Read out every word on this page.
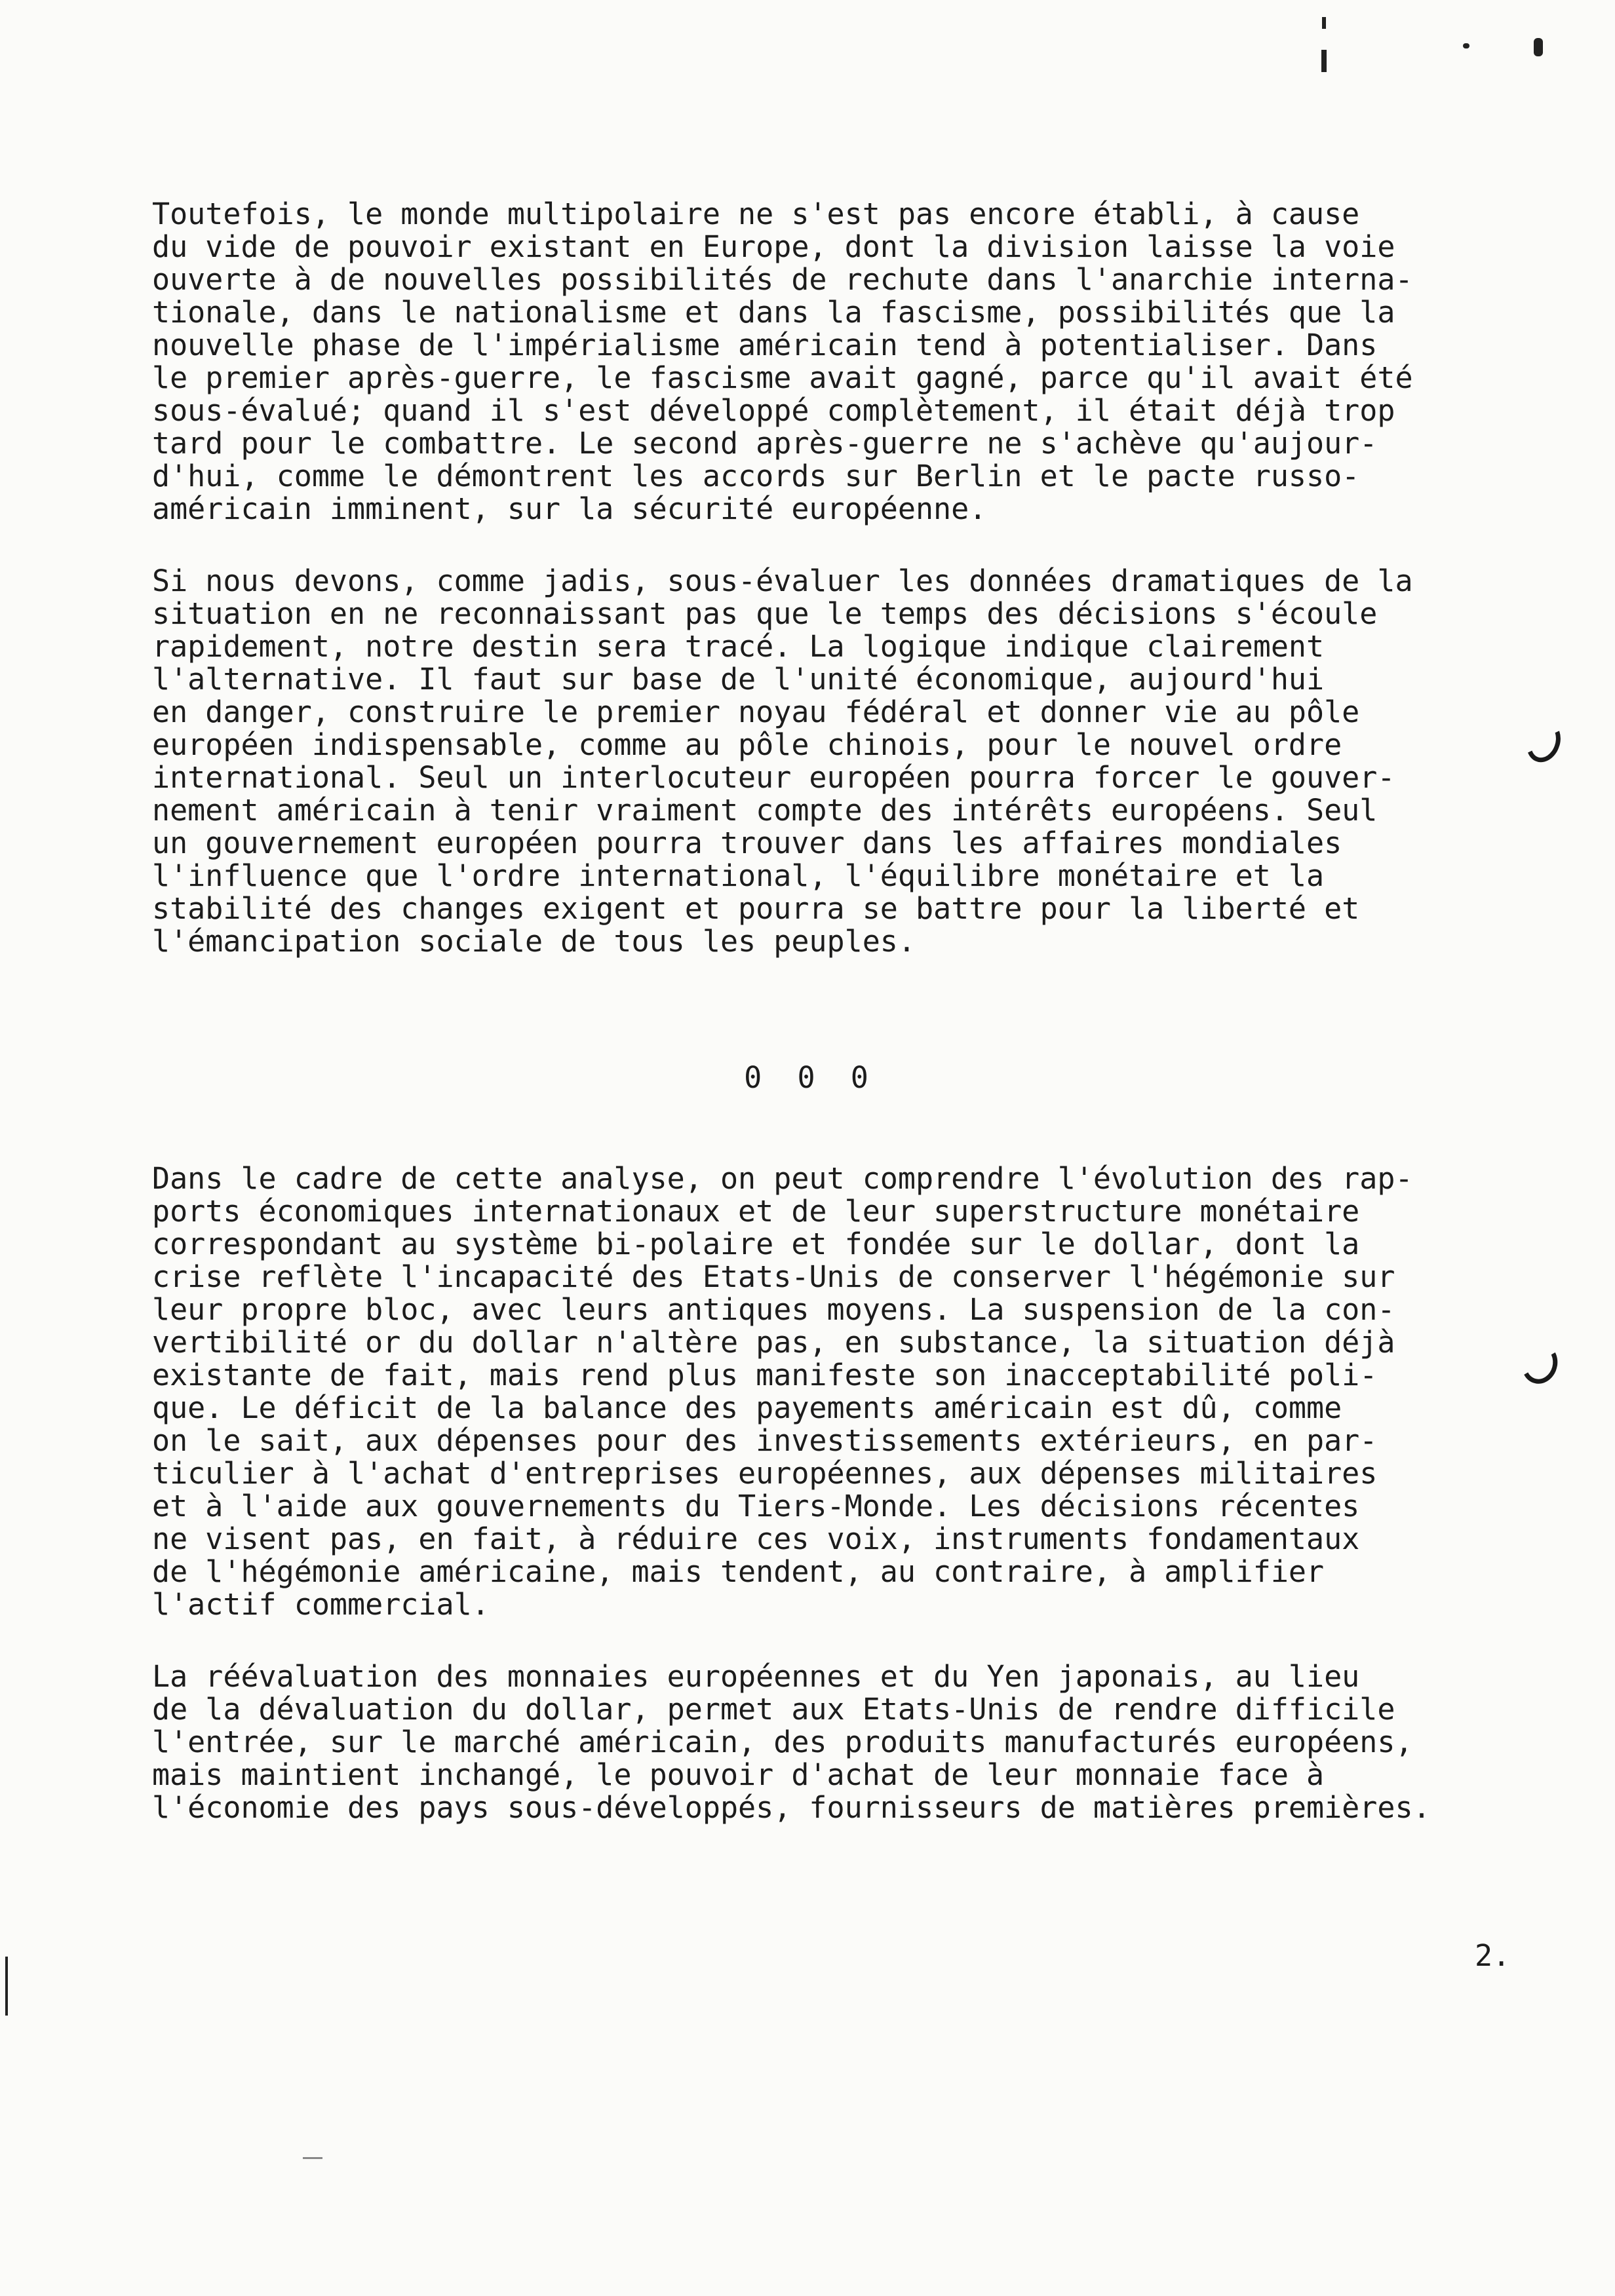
Toutefois, le monde multipolaire ne s'est pas encore établi, à cause
du vide de pouvoir existant en Europe, dont la division laisse la voie
ouverte à de nouvelles possibilités de rechute dans l'anarchie interna-
tionale, dans le nationalisme et dans la fascisme, possibilités que la
nouvelle phase de l'impérialisme américain tend à potentialiser. Dans
le premier après-guerre, le fascisme avait gagné, parce qu'il avait été
sous-évalué; quand il s'est développé complètement, il était déjà trop
tard pour le combattre. Le second après-guerre ne s'achève qu'aujour-
d'hui, comme le démontrent les accords sur Berlin et le pacte russo-
américain imminent, sur la sécurité européenne.

Si nous devons, comme jadis, sous-évaluer les données dramatiques de la
situation en ne reconnaissant pas que le temps des décisions s'écoule
rapidement, notre destin sera tracé. La logique indique clairement
l'alternative. Il faut sur base de l'unité économique, aujourd'hui
en danger, construire le premier noyau fédéral et donner vie au pôle
européen indispensable, comme au pôle chinois, pour le nouvel ordre
international. Seul un interlocuteur européen pourra forcer le gouver-
nement américain à tenir vraiment compte des intérêts européens. Seul
un gouvernement européen pourra trouver dans les affaires mondiales
l'influence que l'ordre international, l'équilibre monétaire et la
stabilité des changes exigent et pourra se battre pour la liberté et
l'émancipation sociale de tous les peuples.

0  0  0

Dans le cadre de cette analyse, on peut comprendre l'évolution des rap-
ports économiques internationaux et de leur superstructure monétaire
correspondant au système bi-polaire et fondée sur le dollar, dont la
crise reflète l'incapacité des Etats-Unis de conserver l'hégémonie sur
leur propre bloc, avec leurs antiques moyens. La suspension de la con-
vertibilité or du dollar n'altère pas, en substance, la situation déjà
existante de fait, mais rend plus manifeste son inacceptabilité poli-
que. Le déficit de la balance des payements américain est dû, comme
on le sait, aux dépenses pour des investissements extérieurs, en par-
ticulier à l'achat d'entreprises européennes, aux dépenses militaires
et à l'aide aux gouvernements du Tiers-Monde. Les décisions récentes
ne visent pas, en fait, à réduire ces voix, instruments fondamentaux
de l'hégémonie américaine, mais tendent, au contraire, à amplifier
l'actif commercial.

La réévaluation des monnaies européennes et du Yen japonais, au lieu
de la dévaluation du dollar, permet aux Etats-Unis de rendre difficile
l'entrée, sur le marché américain, des produits manufacturés européens,
mais maintient inchangé, le pouvoir d'achat de leur monnaie face à
l'économie des pays sous-développés, fournisseurs de matières premières.

2.
